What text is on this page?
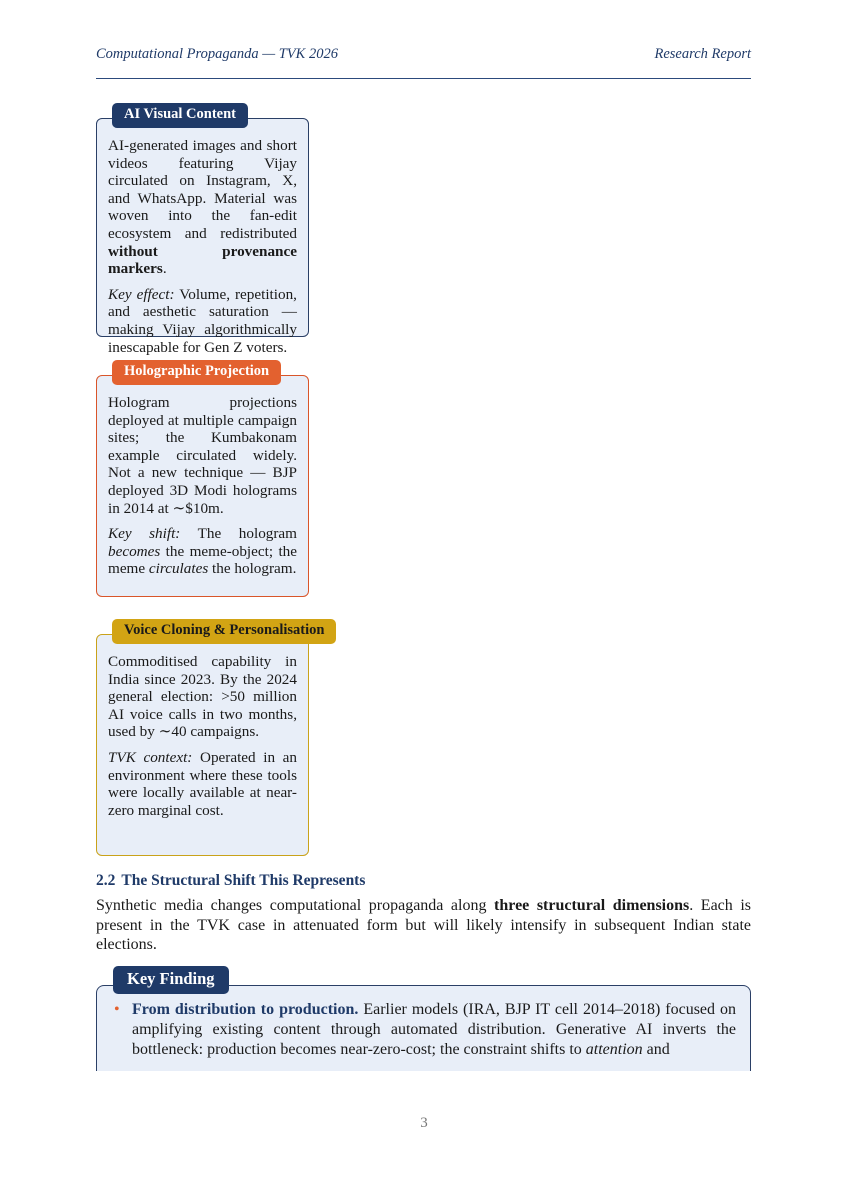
Computational Propaganda — TVK 2026	Research Report
AI Visual Content

AI-generated images and short videos featuring Vijay circulated on Instagram, X, and WhatsApp. Material was woven into the fan-edit ecosystem and redistributed without provenance markers.

Key effect: Volume, repetition, and aesthetic saturation — making Vijay algorithmically inescapable for Gen Z voters.

Holographic Projection

Hologram projections deployed at multiple campaign sites; the Kumbakonam example circulated widely. Not a new technique — BJP deployed 3D Modi holograms in 2014 at ∼$10m.

Key shift: The hologram becomes the meme-object; the meme circulates the hologram.

Voice Cloning & Personalisation

Commoditised capability in India since 2023. By the 2024 general election: >50 million AI voice calls in two months, used by ∼40 campaigns.

TVK context: Operated in an environment where these tools were locally available at near-zero marginal cost.

2.2 The Structural Shift This Represents

Synthetic media changes computational propaganda along three structural dimensions. Each is present in the TVK case in attenuated form but will likely intensify in subsequent Indian state elections.

Key Finding
• From distribution to production. Earlier models (IRA, BJP IT cell 2014–2018) focused on amplifying existing content through automated distribution. Generative AI inverts the bottleneck: production becomes near-zero-cost; the constraint shifts to attention and
3
